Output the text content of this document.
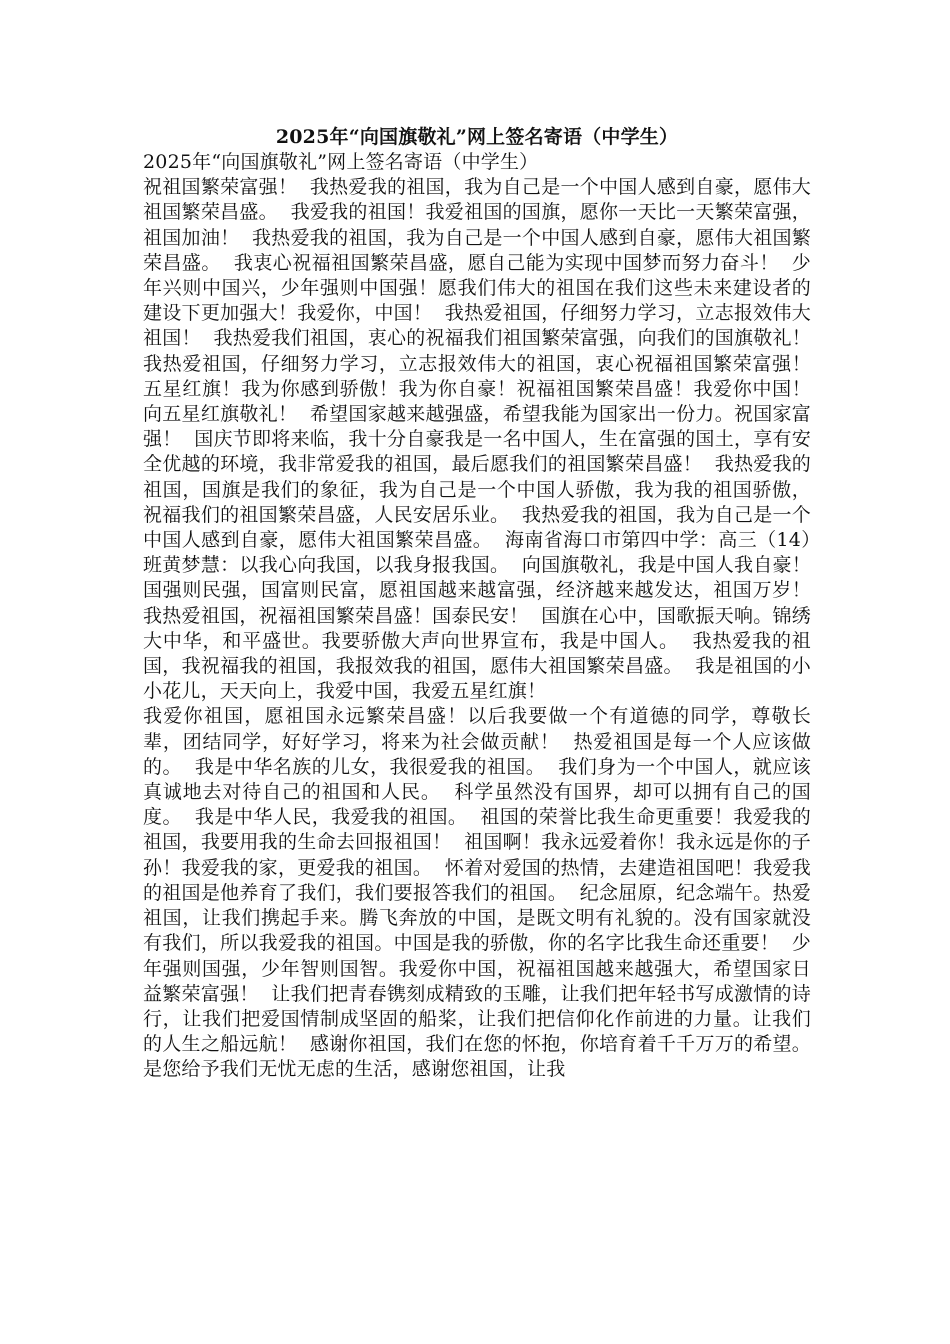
2025年“向国旗敬礼”网上签名寄语（中学生）

2025年“向国旗敬礼”网上签名寄语（中学生）

祝祖国繁荣富强！  我热爱我的祖国，我为自己是一个中国人感到自豪，愿伟大祖国繁荣昌盛。  我爱我的祖国！我爱祖国的国旗，愿你一天比一天繁荣富强，祖国加油！  我热爱我的祖国，我为自己是一个中国人感到自豪，愿伟大祖国繁荣昌盛。  我衷心祝福祖国繁荣昌盛，愿自己能为实现中国梦而努力奋斗！  少年兴则中国兴，少年强则中国强！愿我们伟大的祖国在我们这些未来建设者的建设下更加强大！我爱你，中国！  我热爱祖国，仔细努力学习，立志报效伟大祖国！  我热爱我们祖国，衷心的祝福我们祖国繁荣富强，向我们的国旗敬礼！  我热爱祖国，仔细努力学习，立志报效伟大的祖国，衷心祝福祖国繁荣富强！     五星红旗！我为你感到骄傲！我为你自豪！祝福祖国繁荣昌盛！我爱你中国！向五星红旗敬礼！  希望国家越来越强盛，希望我能为国家出一份力。祝国家富强！  国庆节即将来临，我十分自豪我是一名中国人，生在富强的国土，享有安全优越的环境，我非常爱我的祖国，最后愿我们的祖国繁荣昌盛！  我热爱我的祖国，国旗是我们的象征，我为自己是一个中国人骄傲，我为我的祖国骄傲，祝福我们的祖国繁荣昌盛，人民安居乐业。  我热爱我的祖国，我为自己是一个中国人感到自豪，愿伟大祖国繁荣昌盛。  海南省海口市第四中学：高三（14）班黄梦慧：以我心向我国，以我身报我国。  向国旗敬礼，我是中国人我自豪！  国强则民强，国富则民富，愿祖国越来越富强，经济越来越发达，祖国万岁！  我热爱祖国，祝福祖国繁荣昌盛！国泰民安！  国旗在心中，国歌振天响。锦绣大中华，和平盛世。我要骄傲大声向世界宣布，我是中国人。  我热爱我的祖国，我祝福我的祖国，我报效我的祖国，愿伟大祖国繁荣昌盛。  我是祖国的小小花儿，天天向上，我爱中国，我爱五星红旗！

我爱你祖国，愿祖国永远繁荣昌盛！以后我要做一个有道德的同学，尊敬长辈，团结同学，好好学习，将来为社会做贡献！  热爱祖国是每一个人应该做的。  我是中华名族的儿女，我很爱我的祖国。  我们身为一个中国人，就应该真诚地去对待自己的祖国和人民。  科学虽然没有国界，却可以拥有自己的国度。  我是中华人民，我爱我的祖国。  祖国的荣誉比我生命更重要！我爱我的祖国，我要用我的生命去回报祖国！  祖国啊！我永远爱着你！我永远是你的子孙！我爱我的家，更爱我的祖国。  怀着对爱国的热情，去建造祖国吧！我爱我的祖国是他养育了我们，我们要报答我们的祖国。  纪念屈原，纪念端午。热爱祖国，让我们携起手来。腾飞奔放的中国，是既文明有礼貌的。没有国家就没有我们，所以我爱我的祖国。中国是我的骄傲，你的名字比我生命还重要！  少年强则国强，少年智则国智。我爱你中国，祝福祖国越来越强大，希望国家日益繁荣富强！  让我们把青春镌刻成精致的玉雕，让我们把年轻书写成激情的诗行，让我们把爱国情制成坚固的船桨，让我们把信仰化作前进的力量。让我们的人生之船远航！  感谢你祖国，我们在您的怀抱，你培育着千千万万的希望。是您给予我们无忧无虑的生活，感谢您祖国，让我
